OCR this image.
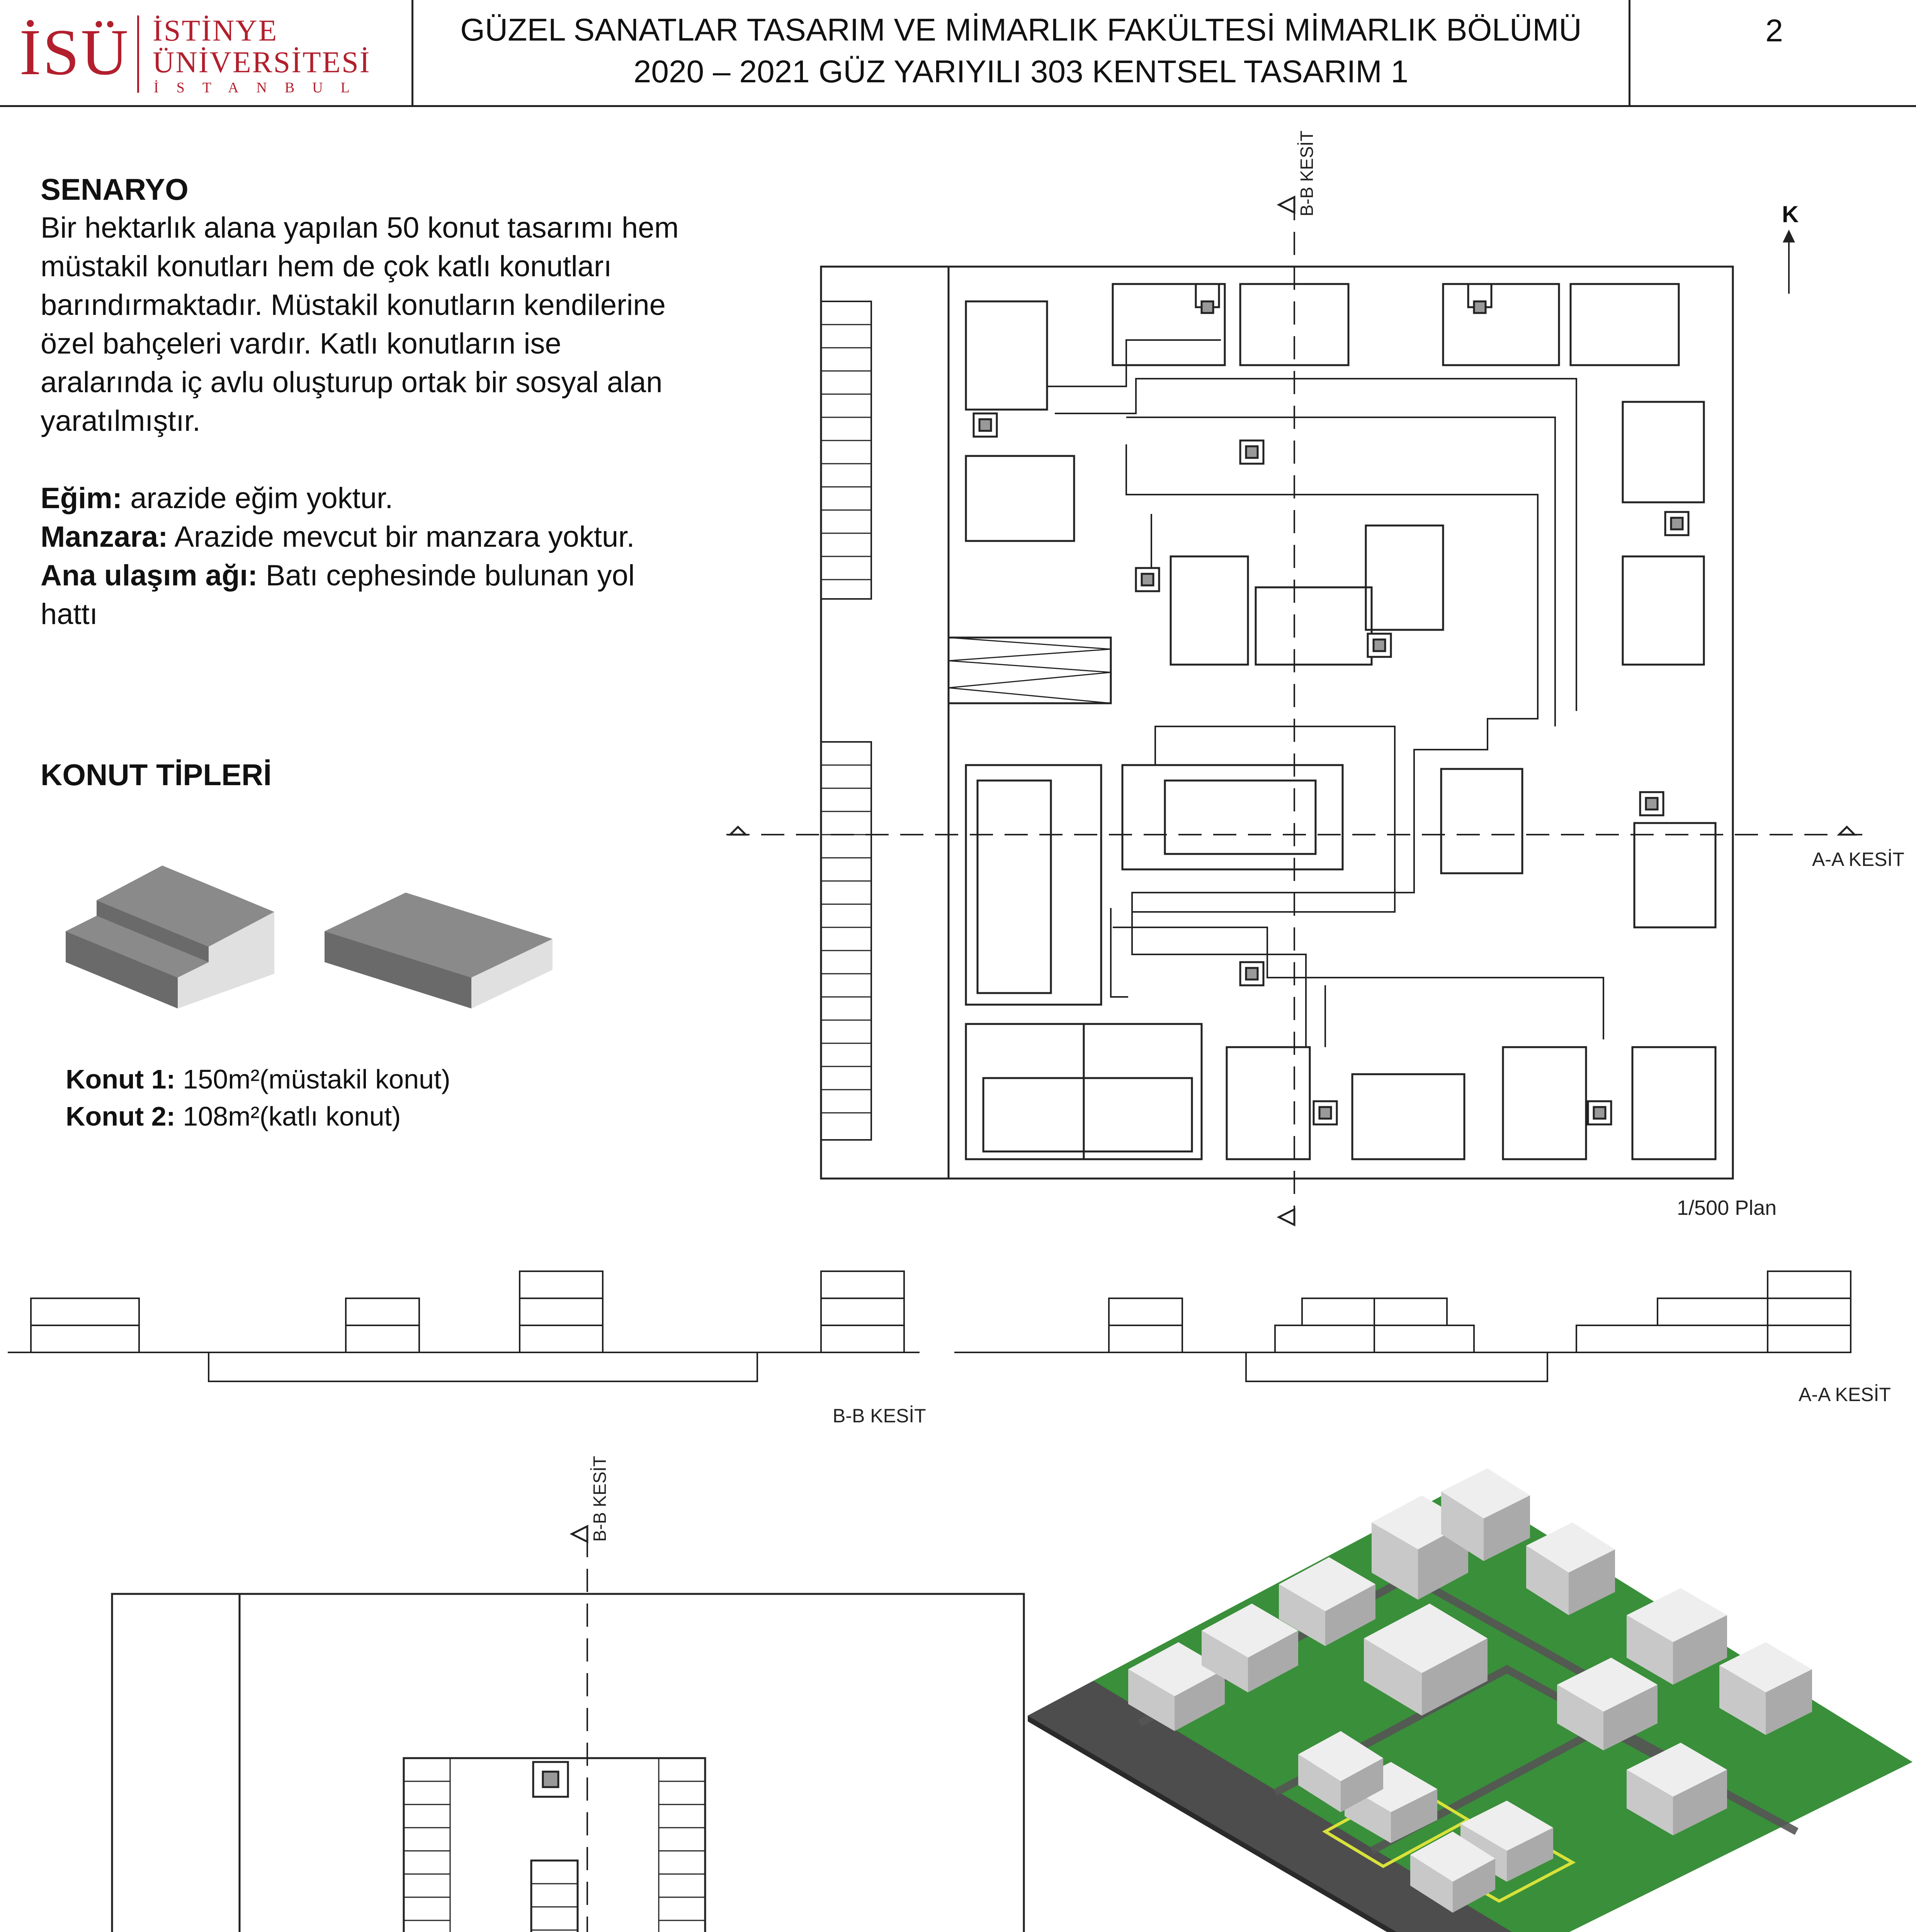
İSÜ İSTİNYE
ÜNİVERSİTESİ
İSTANBUL
GÜZEL SANATLAR TASARIM VE MİMARLIK FAKÜLTESİ MİMARLIK BÖLÜMÜ
2020 – 2021 GÜZ YARIYILI 303 KENTSEL TASARIM 1
2
SENARYO
Bir hektarlık alana yapılan 50 konut tasarımı hem müstakil konutları hem de çok katlı konutları barındırmaktadır. Müstakil konutların kendilerine özel bahçeleri vardır. Katlı konutların ise aralarında iç avlu oluşturup ortak bir sosyal alan yaratılmıştır.
Eğim: arazide eğim yoktur.
Manzara: Arazide mevcut bir manzara yoktur.
Ana ulaşım ağı: Batı cephesinde bulunan yol hattı
KONUT TİPLERİ
Konut 1: 150m²(müstakil konut)
Konut 2: 108m²(katlı konut)
K
B-B KESİT
A-A KESİT
1/500 Plan
B-B KESİT
A-A KESİT
B-B KESİT
